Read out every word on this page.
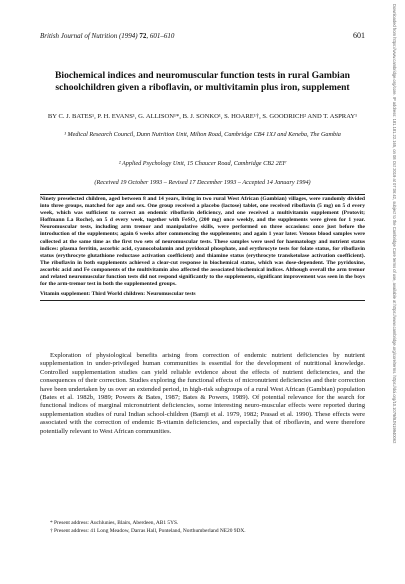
British Journal of Nutrition (1994) 72, 601–610	601
Biochemical indices and neuromuscular function tests in rural Gambian schoolchildren given a riboflavin, or multivitamin plus iron, supplement
BY C. J. BATES¹, P. H. EVANS¹, G. ALLISON¹*, B. J. SONKO¹, S. HOARE¹†, S. GOODRICH² AND T. ASPRAY¹
¹ Medical Research Council, Dunn Nutrition Unit, Milton Road, Cambridge CB4 1XJ and Keneba, The Gambia
² Applied Psychology Unit, 15 Chaucer Road, Cambridge CB2 2EF
(Received 19 October 1993 – Revised 17 December 1993 – Accepted 14 January 1994)
Ninety preselected children, aged between 8 and 14 years, living in two rural West African (Gambian) villages, were randomly divided into three groups, matched for age and sex. One group received a placebo (lactose) tablet, one received riboflavin (5 mg) on 5 d every week, which was sufficient to correct an endemic riboflavin deficiency, and one received a multivitamin supplement (Protovit; Hoffmann La Roche), on 5 d every week, together with FeSO₄ (200 mg) once weekly, and the supplements were given for 1 year. Neuromuscular tests, including arm tremor and manipulative skills, were performed on three occasions: once just before the introduction of the supplements; again 6 weeks after commencing the supplements; and again 1 year later. Venous blood samples were collected at the same time as the first two sets of neuromuscular tests. These samples were used for haematology and nutrient status indices: plasma ferritin, ascorbic acid, cyanocobalamin and pyridoxal phosphate, and erythrocyte tests for folate status, for riboflavin status (erythrocyte glutathione reductase activation coefficient) and thiamine status (erythrocyte transketolase activation coefficient). The riboflavin in both supplements achieved a clear-cut response in biochemical status, which was dose-dependent. The pyridoxine, ascorbic acid and Fe components of the multivitamin also affected the associated biochemical indices. Although overall the arm tremor and related neuromuscular function tests did not respond significantly to the supplements, significant improvement was seen in the boys for the arm-tremor test in both the supplemented groups.
Vitamin supplement: Third World children: Neuromuscular tests
Exploration of physiological benefits arising from correction of endemic nutrient deficiencies by nutrient supplementation in under-privileged human communities is essential for the development of nutritional knowledge. Controlled supplementation studies can yield reliable evidence about the effects of nutrient deficiencies, and the consequences of their correction. Studies exploring the functional effects of micronutrient deficiencies and their correction have been undertaken by us over an extended period, in high-risk subgroups of a rural West African (Gambian) population (Bates et al. 1982b, 1989; Powers & Bates, 1987; Bates & Powers, 1989). Of potential relevance for the search for functional indices of marginal micronutrient deficiencies, some interesting neuro-muscular effects were reported during supplementation studies of rural Indian school-children (Bamji et al. 1979, 1982; Prasad et al. 1990). These effects were associated with the correction of endemic B-vitamin deficiencies, and especially that of riboflavin, and were therefore potentially relevant to West African communities.
* Present address: Auchlunies, Blairs, Aberdeen, AB1 5YS.
† Present address: 41 Long Meadow, Darras Hall, Ponteland, Northumberland NE20 9DX.
Downloaded from https://www.cambridge.org/core. IP address: 181.181.22.165, on 08 Oct 2019 at 07:06:42, subject to the Cambridge Core terms of use, available at https://www.cambridge.org/core/terms. https://doi.org/10.1079/BJN19940062
